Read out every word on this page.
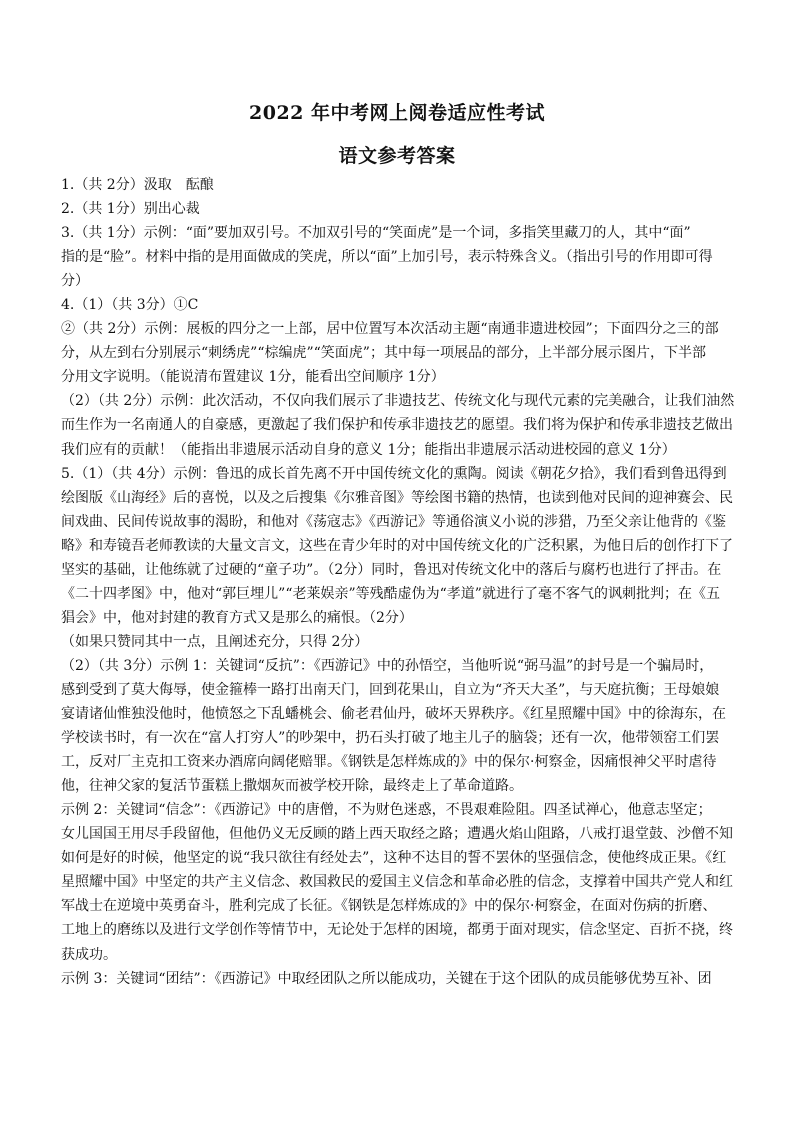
2022 年中考网上阅卷适应性考试
语文参考答案

1.（共 2分）汲取　酝酿

2.（共 1分）别出心裁

3.（共 1分）示例：“面”要加双引号。不加双引号的“笑面虎”是一个词，多指笑里藏刀的人，其中“面”

指的是“脸”。材料中指的是用面做成的笑虎，所以“面”上加引号，表示特殊含义。（指出引号的作用即可得

分）

4.（1）（共 3分）①C

②（共 2分）示例：展板的四分之一上部，居中位置写本次活动主题“南通非遗进校园”；下面四分之三的部

分，从左到右分别展示“刺绣虎”“棕编虎”“笑面虎”；其中每一项展品的部分，上半部分展示图片，下半部

分用文字说明。（能说清布置建议 1分，能看出空间顺序 1分）

（2）（共 2分）示例：此次活动，不仅向我们展示了非遗技艺、传统文化与现代元素的完美融合，让我们油然

而生作为一名南通人的自豪感，更激起了我们保护和传承非遗技艺的愿望。我们将为保护和传承非遗技艺做出

我们应有的贡献！（能指出非遗展示活动自身的意义 1分；能指出非遗展示活动进校园的意义 1分）

5.（1）（共 4分）示例：鲁迅的成长首先离不开中国传统文化的熏陶。阅读《朝花夕拾》，我们看到鲁迅得到

绘图版《山海经》后的喜悦，以及之后搜集《尔雅音图》等绘图书籍的热情，也读到他对民间的迎神赛会、民

间戏曲、民间传说故事的渴盼，和他对《荡寇志》《西游记》等通俗演义小说的涉猎，乃至父亲让他背的《鉴

略》和寿镜吾老师教读的大量文言文，这些在青少年时的对中国传统文化的广泛积累，为他日后的创作打下了

坚实的基础，让他练就了过硬的“童子功”。（2分）同时，鲁迅对传统文化中的落后与腐朽也进行了抨击。在

《二十四孝图》中，他对“郭巨埋儿”“老莱娱亲”等残酷虚伪为“孝道”就进行了毫不客气的讽刺批判；在《五

猖会》中，他对封建的教育方式又是那么的痛恨。（2分）

（如果只赞同其中一点，且阐述充分，只得 2分）

（2）（共 3分）示例 1：关键词“反抗”：《西游记》中的孙悟空，当他听说“弼马温”的封号是一个骗局时，

感到受到了莫大侮辱，使金箍棒一路打出南天门，回到花果山，自立为“齐天大圣”，与天庭抗衡；王母娘娘

宴请诸仙惟独没他时，他愤怒之下乱蟠桃会、偷老君仙丹，破坏天界秩序。《红星照耀中国》中的徐海东，在

学校读书时，有一次在“富人打穷人”的吵架中，扔石头打破了地主儿子的脑袋；还有一次，他带领窑工们罢

工，反对厂主克扣工资来办酒席向阔佬赔罪。《钢铁是怎样炼成的》中的保尔·柯察金，因痛恨神父平时虐待

他，往神父家的复活节蛋糕上撒烟灰而被学校开除，最终走上了革命道路。

示例 2：关键词“信念”：《西游记》中的唐僧，不为财色迷惑，不畏艰难险阻。四圣试禅心，他意志坚定；

女儿国国王用尽手段留他，但他仍义无反顾的踏上西天取经之路；遭遇火焰山阻路，八戒打退堂鼓、沙僧不知

如何是好的时候，他坚定的说“我只欲往有经处去”，这种不达目的誓不罢休的坚强信念，使他终成正果。《红

星照耀中国》中坚定的共产主义信念、救国救民的爱国主义信念和革命必胜的信念，支撑着中国共产党人和红

军战士在逆境中英勇奋斗，胜利完成了长征。《钢铁是怎样炼成的》中的保尔·柯察金，在面对伤病的折磨、

工地上的磨练以及进行文学创作等情节中，无论处于怎样的困境，都勇于面对现实，信念坚定、百折不挠，终

获成功。

示例 3：关键词“团结”：《西游记》中取经团队之所以能成功，关键在于这个团队的成员能够优势互补、团
